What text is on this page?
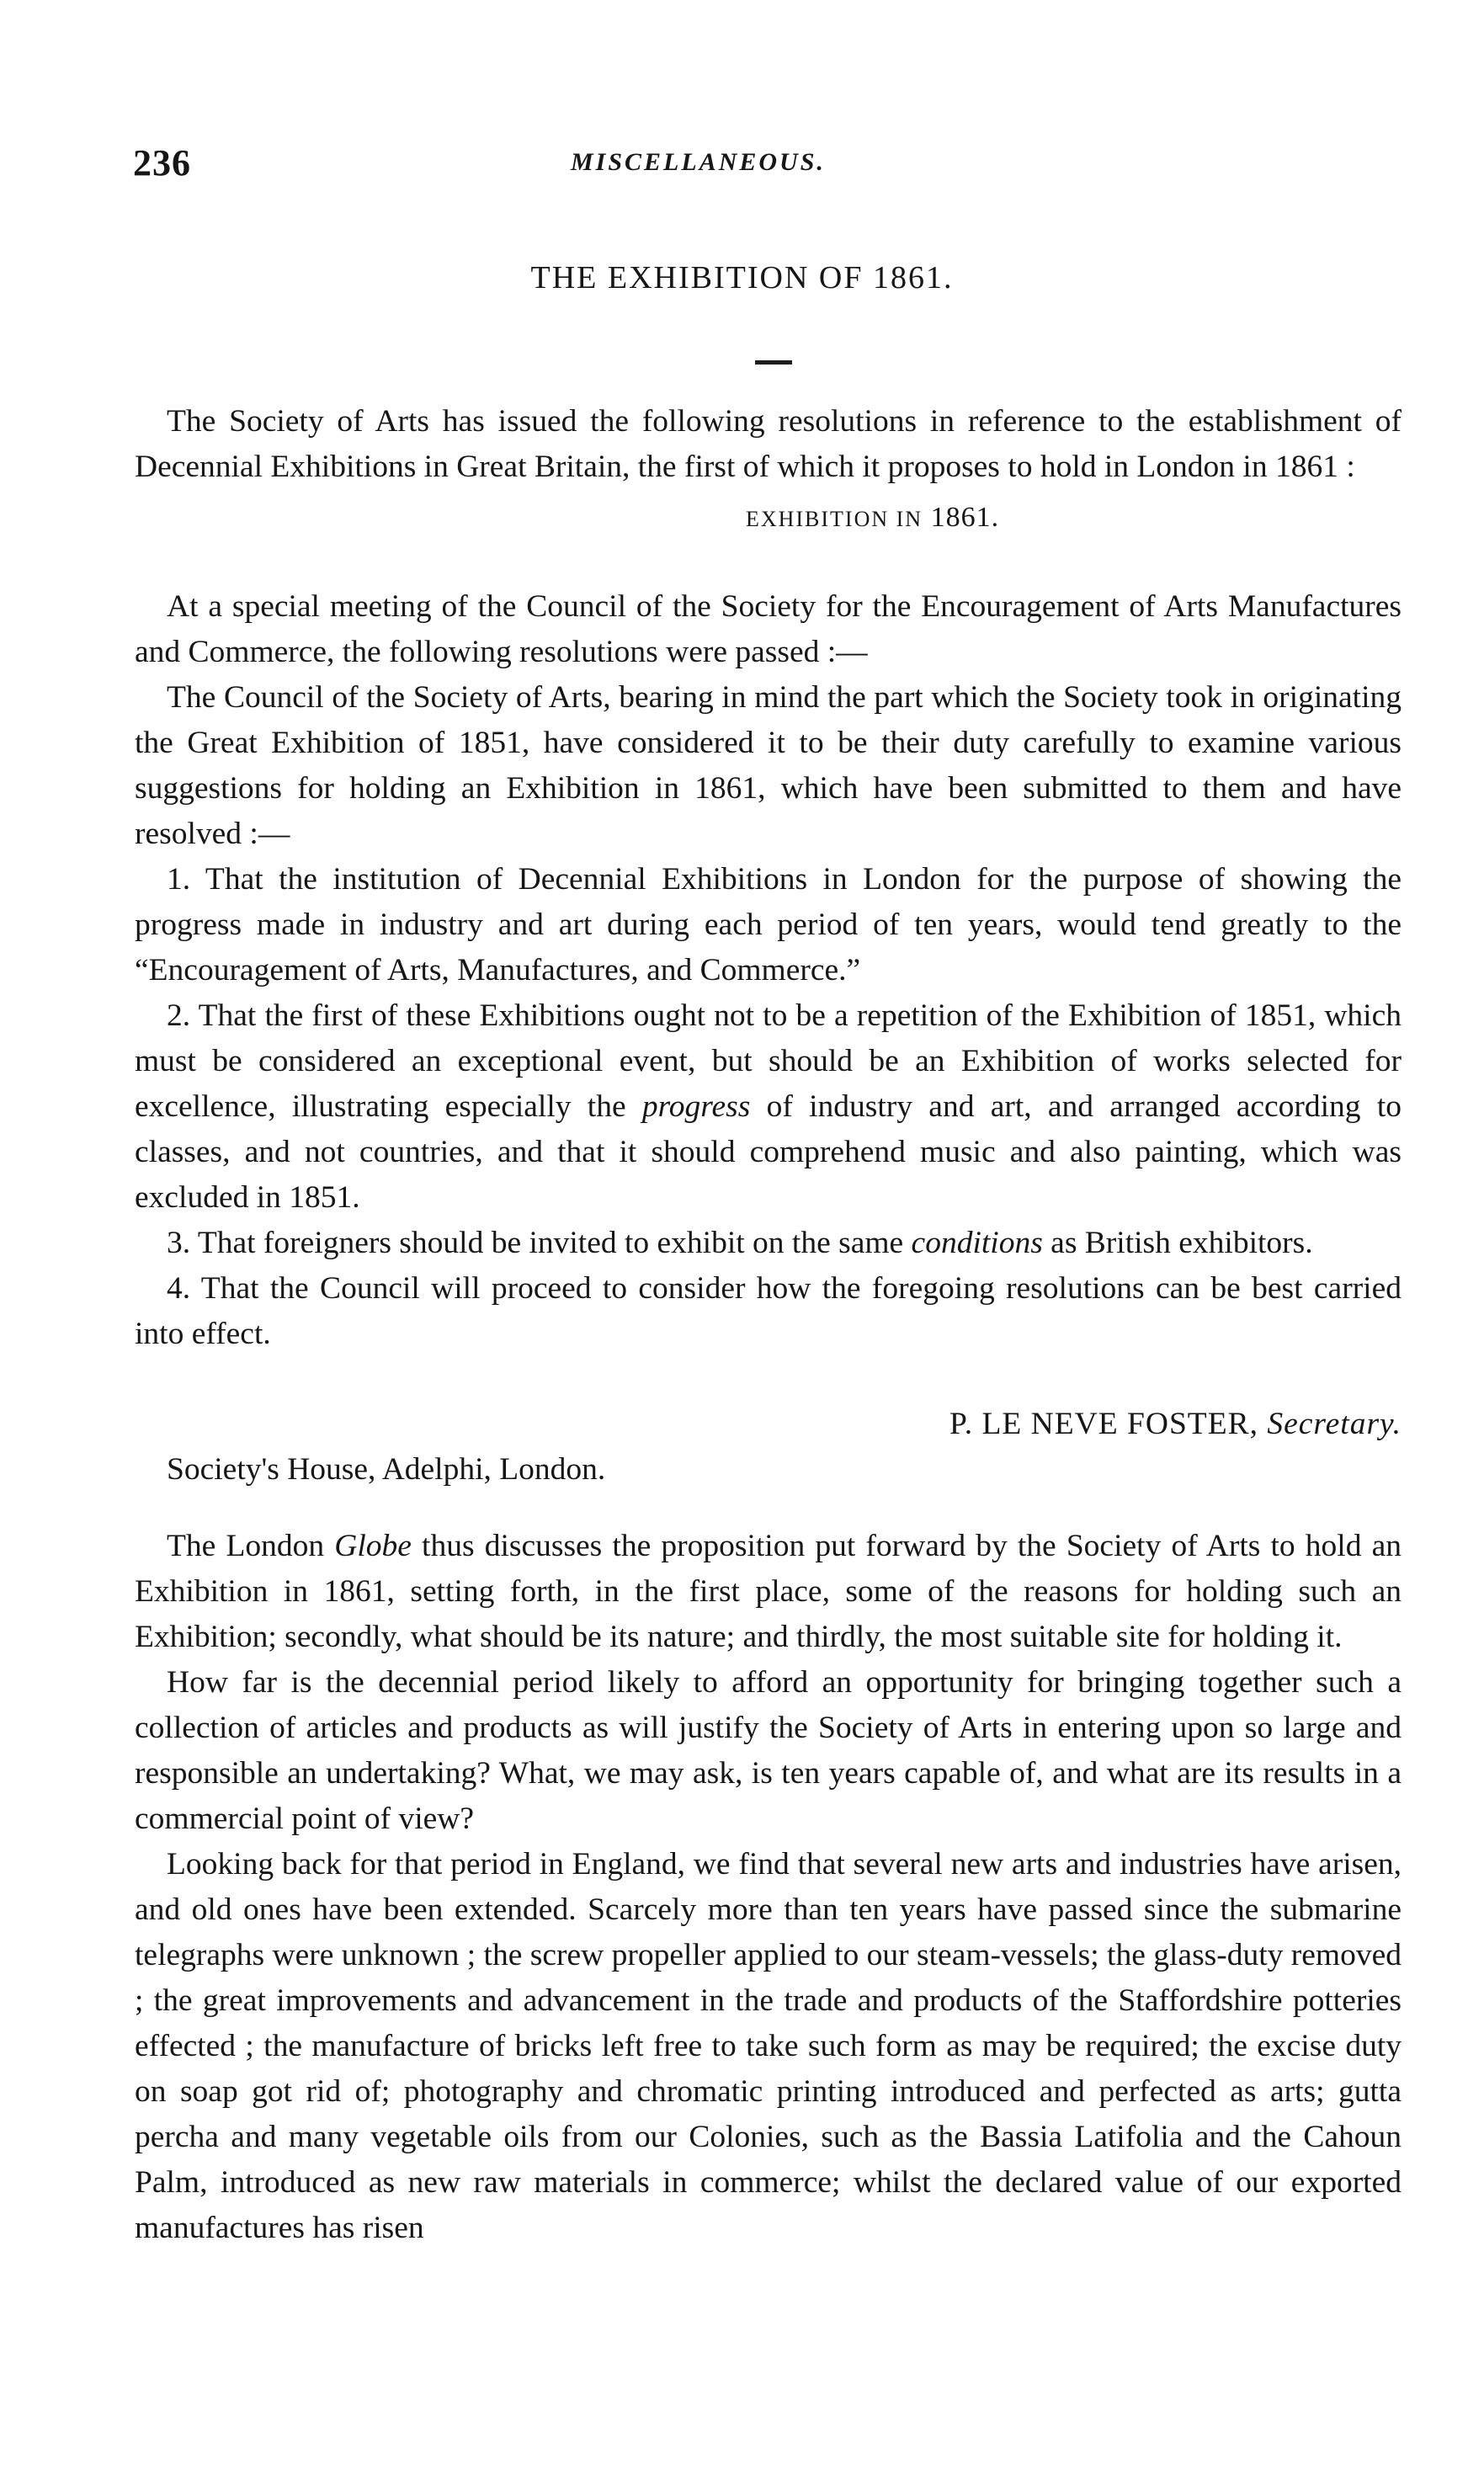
236	MISCELLANEOUS.
THE EXHIBITION OF 1861.

The Society of Arts has issued the following resolutions in reference to the establishment of Decennial Exhibitions in Great Britain, the first of which it proposes to hold in London in 1861 :

EXHIBITION IN 1861.

At a special meeting of the Council of the Society for the Encouragement of Arts Manufactures and Commerce, the following resolutions were passed :—

The Council of the Society of Arts, bearing in mind the part which the Society took in originating the Great Exhibition of 1851, have considered it to be their duty carefully to examine various suggestions for holding an Exhibition in 1861, which have been submitted to them and have resolved :—

1. That the institution of Decennial Exhibitions in London for the purpose of showing the progress made in industry and art during each period of ten years, would tend greatly to the “Encouragement of Arts, Manufactures, and Commerce.”

2. That the first of these Exhibitions ought not to be a repetition of the Exhibition of 1851, which must be considered an exceptional event, but should be an Exhibition of works selected for excellence, illustrating especially the progress of industry and art, and arranged according to classes, and not countries, and that it should comprehend music and also painting, which was excluded in 1851.

3. That foreigners should be invited to exhibit on the same conditions as British exhibitors.

4. That the Council will proceed to consider how the foregoing resolutions can be best carried into effect.

P. LE NEVE FOSTER, Secretary.
Society's House, Adelphi, London.

The London Globe thus discusses the proposition put forward by the Society of Arts to hold an Exhibition in 1861, setting forth, in the first place, some of the reasons for holding such an Exhibition; secondly, what should be its nature; and thirdly, the most suitable site for holding it.

How far is the decennial period likely to afford an opportunity for bringing together such a collection of articles and products as will justify the Society of Arts in entering upon so large and responsible an undertaking? What, we may ask, is ten years capable of, and what are its results in a commercial point of view?

Looking back for that period in England, we find that several new arts and industries have arisen, and old ones have been extended. Scarcely more than ten years have passed since the submarine telegraphs were unknown ; the screw propeller applied to our steam-vessels; the glass-duty removed ; the great improvements and advancement in the trade and products of the Staffordshire potteries effected ; the manufacture of bricks left free to take such form as may be required; the excise duty on soap got rid of; photography and chromatic printing introduced and perfected as arts; gutta percha and many vegetable oils from our Colonies, such as the Bassia Latifolia and the Cahoun Palm, introduced as new raw materials in commerce; whilst the declared value of our exported manufactures has risen
